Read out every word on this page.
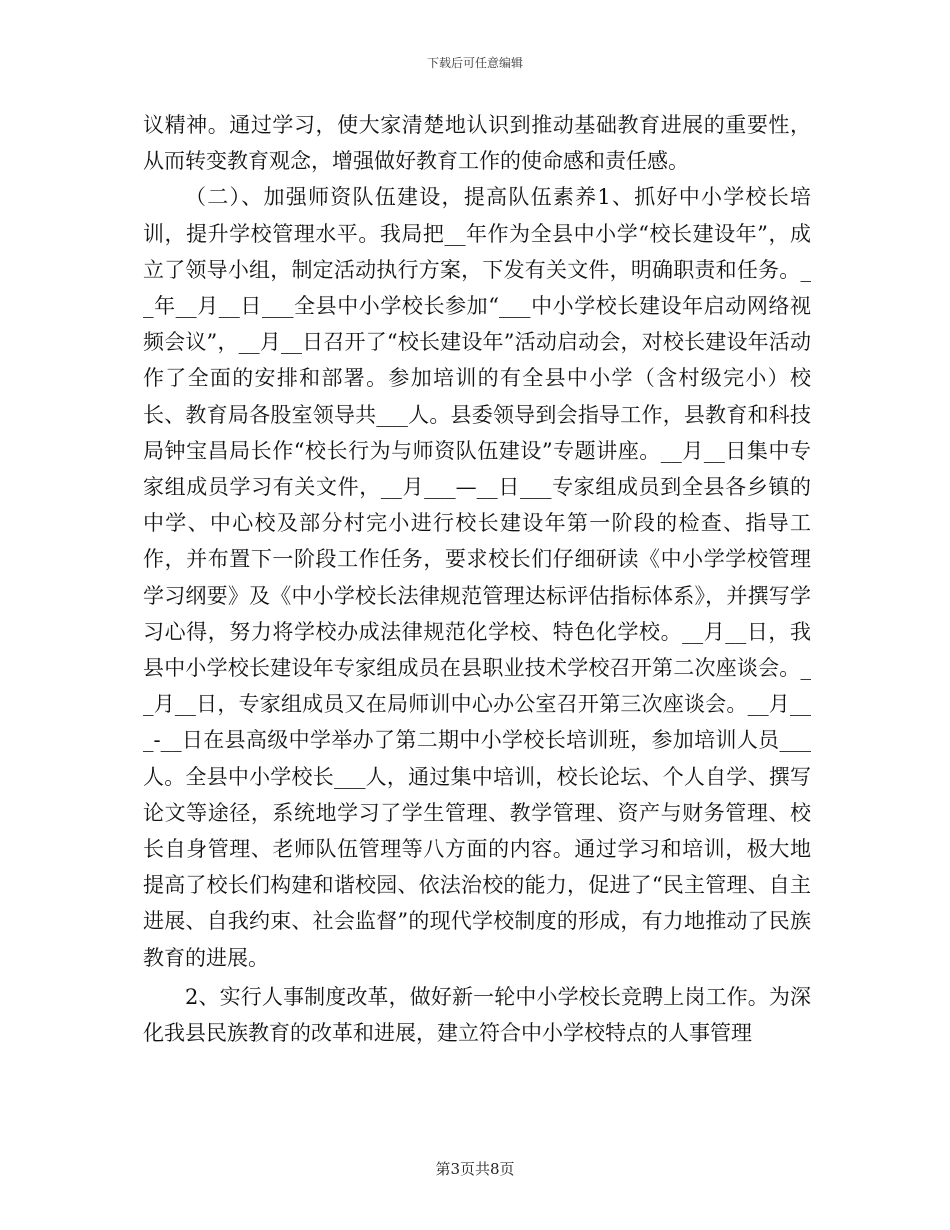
下载后可任意编辑

议精神。通过学习，使大家清楚地认识到推动基础教育进展的重要性，从而转变教育观念，增强做好教育工作的使命感和责任感。

（二）、加强师资队伍建设，提高队伍素养1、抓好中小学校长培训，提升学校管理水平。我局把__年作为全县中小学“校长建设年”，成立了领导小组，制定活动执行方案，下发有关文件，明确职责和任务。__年__月__日___全县中小学校长参加“___中小学校长建设年启动网络视频会议”，__月__日召开了“校长建设年”活动启动会，对校长建设年活动作了全面的安排和部署。参加培训的有全县中小学（含村级完小）校长、教育局各股室领导共___人。县委领导到会指导工作，县教育和科技局钟宝昌局长作“校长行为与师资队伍建设”专题讲座。__月__日集中专家组成员学习有关文件，__月___—__日___专家组成员到全县各乡镇的中学、中心校及部分村完小进行校长建设年第一阶段的检查、指导工作，并布置下一阶段工作任务，要求校长们仔细研读《中小学学校管理学习纲要》及《中小学校长法律规范管理达标评估指标体系》，并撰写学习心得，努力将学校办成法律规范化学校、特色化学校。__月__日，我县中小学校长建设年专家组成员在县职业技术学校召开第二次座谈会。__月__日，专家组成员又在局师训中心办公室召开第三次座谈会。__月___-__日在县高级中学举办了第二期中小学校长培训班，参加培训人员___人。全县中小学校长___人，通过集中培训，校长论坛、个人自学、撰写论文等途径，系统地学习了学生管理、教学管理、资产与财务管理、校长自身管理、老师队伍管理等八方面的内容。通过学习和培训，极大地提高了校长们构建和谐校园、依法治校的能力，促进了“民主管理、自主进展、自我约束、社会监督”的现代学校制度的形成，有力地推动了民族教育的进展。

2、实行人事制度改革，做好新一轮中小学校长竞聘上岗工作。为深化我县民族教育的改革和进展，建立符合中小学校特点的人事管理

第3页共8页
